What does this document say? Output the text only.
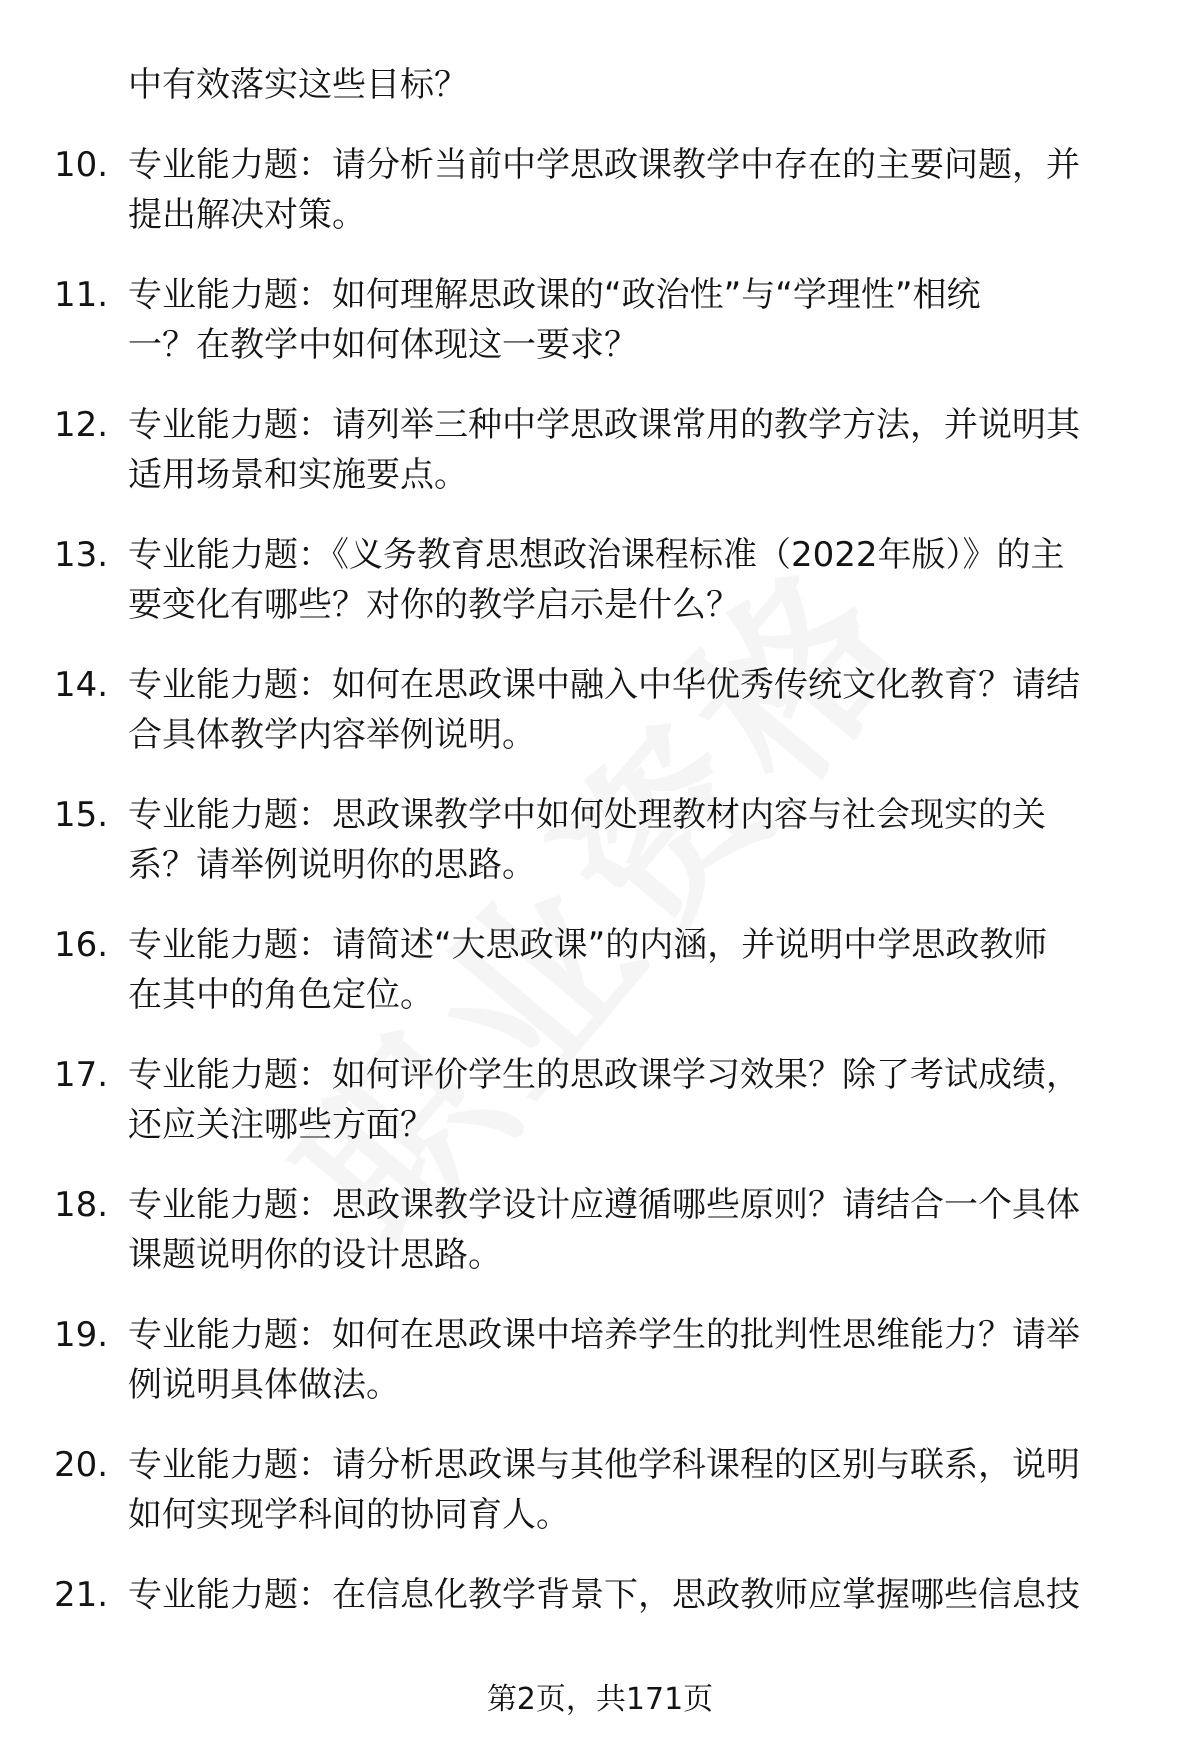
中有效落实这些目标？
10. 专业能力题：请分析当前中学思政课教学中存在的主要问题，并
提出解决对策。
11. 专业能力题：如何理解思政课的“政治性”与“学理性”相统
一？在教学中如何体现这一要求？
12. 专业能力题：请列举三种中学思政课常用的教学方法，并说明其
适用场景和实施要点。
13. 专业能力题：《义务教育思想政治课程标准（2022年版）》的主
要变化有哪些？对你的教学启示是什么？
14. 专业能力题：如何在思政课中融入中华优秀传统文化教育？请结
合具体教学内容举例说明。
15. 专业能力题：思政课教学中如何处理教材内容与社会现实的关
系？请举例说明你的思路。
16. 专业能力题：请简述“大思政课”的内涵，并说明中学思政教师
在其中的角色定位。
17. 专业能力题：如何评价学生的思政课学习效果？除了考试成绩，
还应关注哪些方面？
18. 专业能力题：思政课教学设计应遵循哪些原则？请结合一个具体
课题说明你的设计思路。
19. 专业能力题：如何在思政课中培养学生的批判性思维能力？请举
例说明具体做法。
20. 专业能力题：请分析思政课与其他学科课程的区别与联系，说明
如何实现学科间的协同育人。
21. 专业能力题：在信息化教学背景下，思政教师应掌握哪些信息技
第2页，共171页
